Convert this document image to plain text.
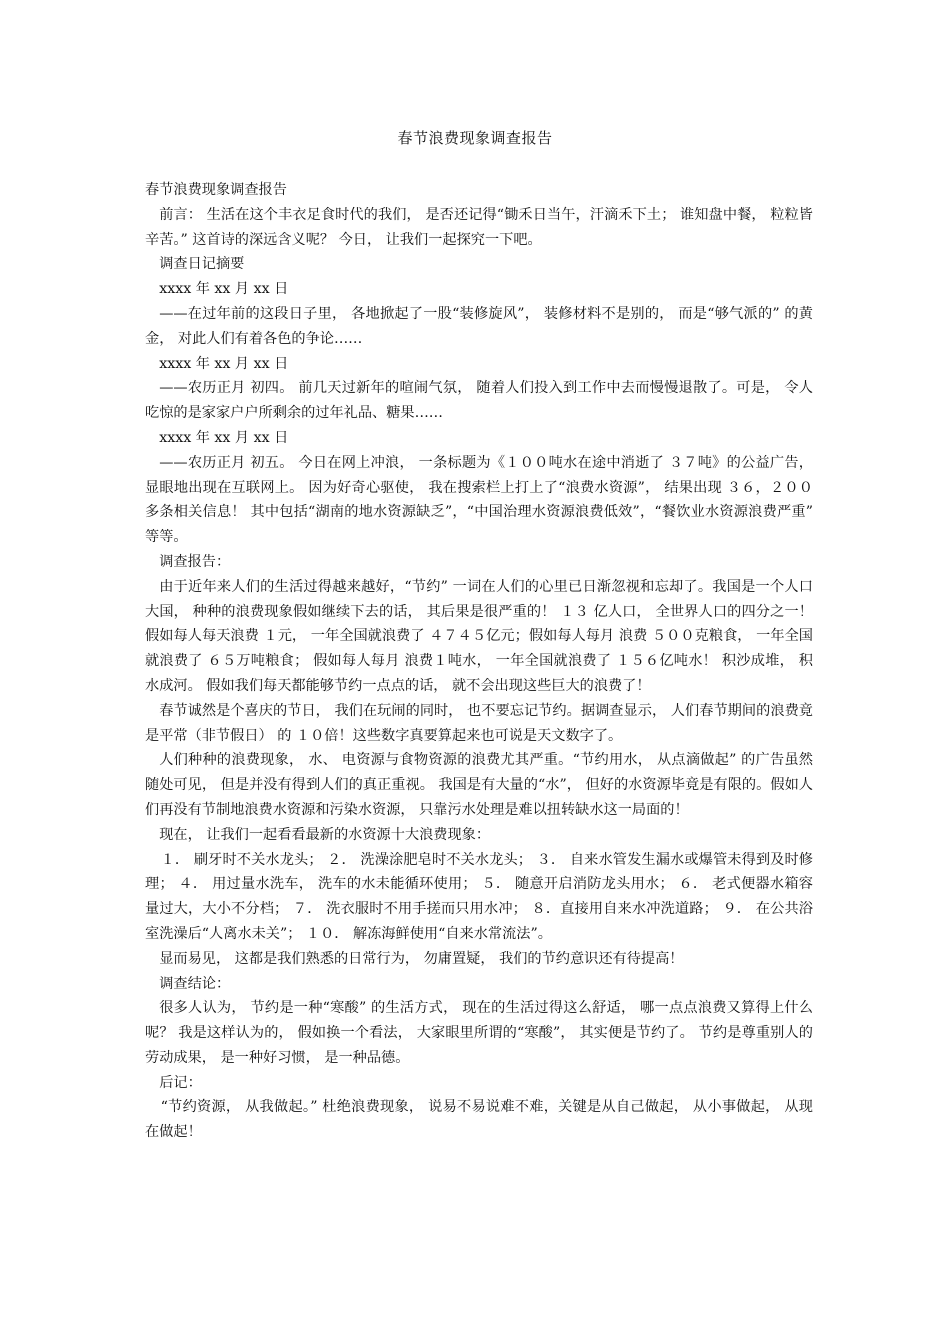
春节浪费现象调查报告

春节浪费现象调查报告

前言： 生活在这个丰衣足食时代的我们， 是否还记得“锄禾日当午，汗滴禾下土； 谁知盘中餐， 粒粒皆辛苦。” 这首诗的深远含义呢？ 今日， 让我们一起探究一下吧。

调查日记摘要

xxxx 年 xx 月 xx 日

——在过年前的这段日子里， 各地掀起了一股“装修旋风”， 装修材料不是别的， 而是“够气派的” 的黄金， 对此人们有着各色的争论……

xxxx 年 xx 月 xx 日

——农历正月 初四。 前几天过新年的喧闹气氛， 随着人们投入到工作中去而慢慢退散了。可是， 令人吃惊的是家家户户所剩余的过年礼品、糖果……

xxxx 年 xx 月 xx 日

——农历正月 初五。 今日在网上冲浪， 一条标题为《１００吨水在途中消逝了 ３７吨》的公益广告， 显眼地出现在互联网上。 因为好奇心驱使， 我在搜索栏上打上了“浪费水资源”， 结果出现 ３６，２００多条相关信息！ 其中包括“湖南的地水资源缺乏”，“中国治理水资源浪费低效”，“餐饮业水资源浪费严重” 等等。

调查报告：

由于近年来人们的生活过得越来越好，“节约” 一词在人们的心里已日渐忽视和忘却了。我国是一个人口大国， 种种的浪费现象假如继续下去的话， 其后果是很严重的！ １３ 亿人口， 全世界人口的四分之一！ 假如每人每天浪费 １元， 一年全国就浪费了 ４７４５亿元；假如每人每月 浪费 ５００克粮食， 一年全国就浪费了 ６５万吨粮食； 假如每人每月 浪费１吨水， 一年全国就浪费了 １５６亿吨水！ 积沙成堆， 积水成河。 假如我们每天都能够节约一点点的话， 就不会出现这些巨大的浪费了！

春节诚然是个喜庆的节日， 我们在玩闹的同时， 也不要忘记节约。据调查显示， 人们春节期间的浪费竟是平常（非节假日） 的 １０倍！这些数字真要算起来也可说是天文数字了。

人们种种的浪费现象， 水、 电资源与食物资源的浪费尤其严重。“节约用水， 从点滴做起” 的广告虽然随处可见， 但是并没有得到人们的真正重视。 我国是有大量的“水”， 但好的水资源毕竟是有限的。假如人们再没有节制地浪费水资源和污染水资源， 只靠污水处理是难以扭转缺水这一局面的！

现在， 让我们一起看看最新的水资源十大浪费现象：

１． 刷牙时不关水龙头； ２． 洗澡涂肥皂时不关水龙头； ３． 自来水管发生漏水或爆管未得到及时修理； ４． 用过量水洗车， 洗车的水未能循环使用； ５． 随意开启消防龙头用水； ６． 老式便器水箱容量过大，大小不分档； ７． 洗衣服时不用手搓而只用水冲； ８．直接用自来水冲洗道路； ９． 在公共浴室洗澡后“人离水未关”； １０． 解冻海鲜使用“自来水常流法”。

显而易见， 这都是我们熟悉的日常行为， 勿庸置疑， 我们的节约意识还有待提高！

调查结论：

很多人认为， 节约是一种“寒酸” 的生活方式， 现在的生活过得这么舒适， 哪一点点浪费又算得上什么呢？ 我是这样认为的， 假如换一个看法， 大家眼里所谓的“寒酸”， 其实便是节约了。 节约是尊重别人的劳动成果， 是一种好习惯， 是一种品德。

后记：

“节约资源， 从我做起。” 杜绝浪费现象， 说易不易说难不难，关键是从自己做起， 从小事做起， 从现在做起！
